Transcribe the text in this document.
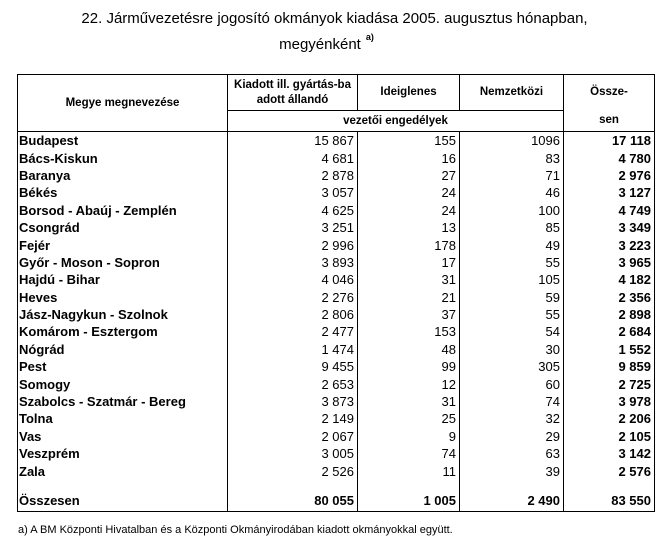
22. Járművezetésre jogosító okmányok kiadása 2005. augusztus hónapban,
megyénként $^{a)}$
Megye megnevezése	Kiadott ill. gyártás-ba adott állandó	Ideiglenes	Nemzetközi	Össze-
	vezetői engedélyek			sen
Budapest	15 867	155	1096	17 118
Bács-Kiskun	4 681	16	83	4 780
Baranya	2 878	27	71	2 976
Békés	3 057	24	46	3 127
Borsod - Abaúj - Zemplén	4 625	24	100	4 749
Csongrád	3 251	13	85	3 349
Fejér	2 996	178	49	3 223
Győr - Moson - Sopron	3 893	17	55	3 965
Hajdú - Bihar	4 046	31	105	4 182
Heves	2 276	21	59	2 356
Jász-Nagykun - Szolnok	2 806	37	55	2 898
Komárom - Esztergom	2 477	153	54	2 684
Nógrád	1 474	48	30	1 552
Pest	9 455	99	305	9 859
Somogy	2 653	12	60	2 725
Szabolcs - Szatmár - Bereg	3 873	31	74	3 978
Tolna	2 149	25	32	2 206
Vas	2 067	9	29	2 105
Veszprém	3 005	74	63	3 142
Zala	2 526	11	39	2 576

Összesen	80 055	1 005	2 490	83 550
a) A BM Központi Hivatalban és a Központi Okmányirodában kiadott okmányokkal együtt.
